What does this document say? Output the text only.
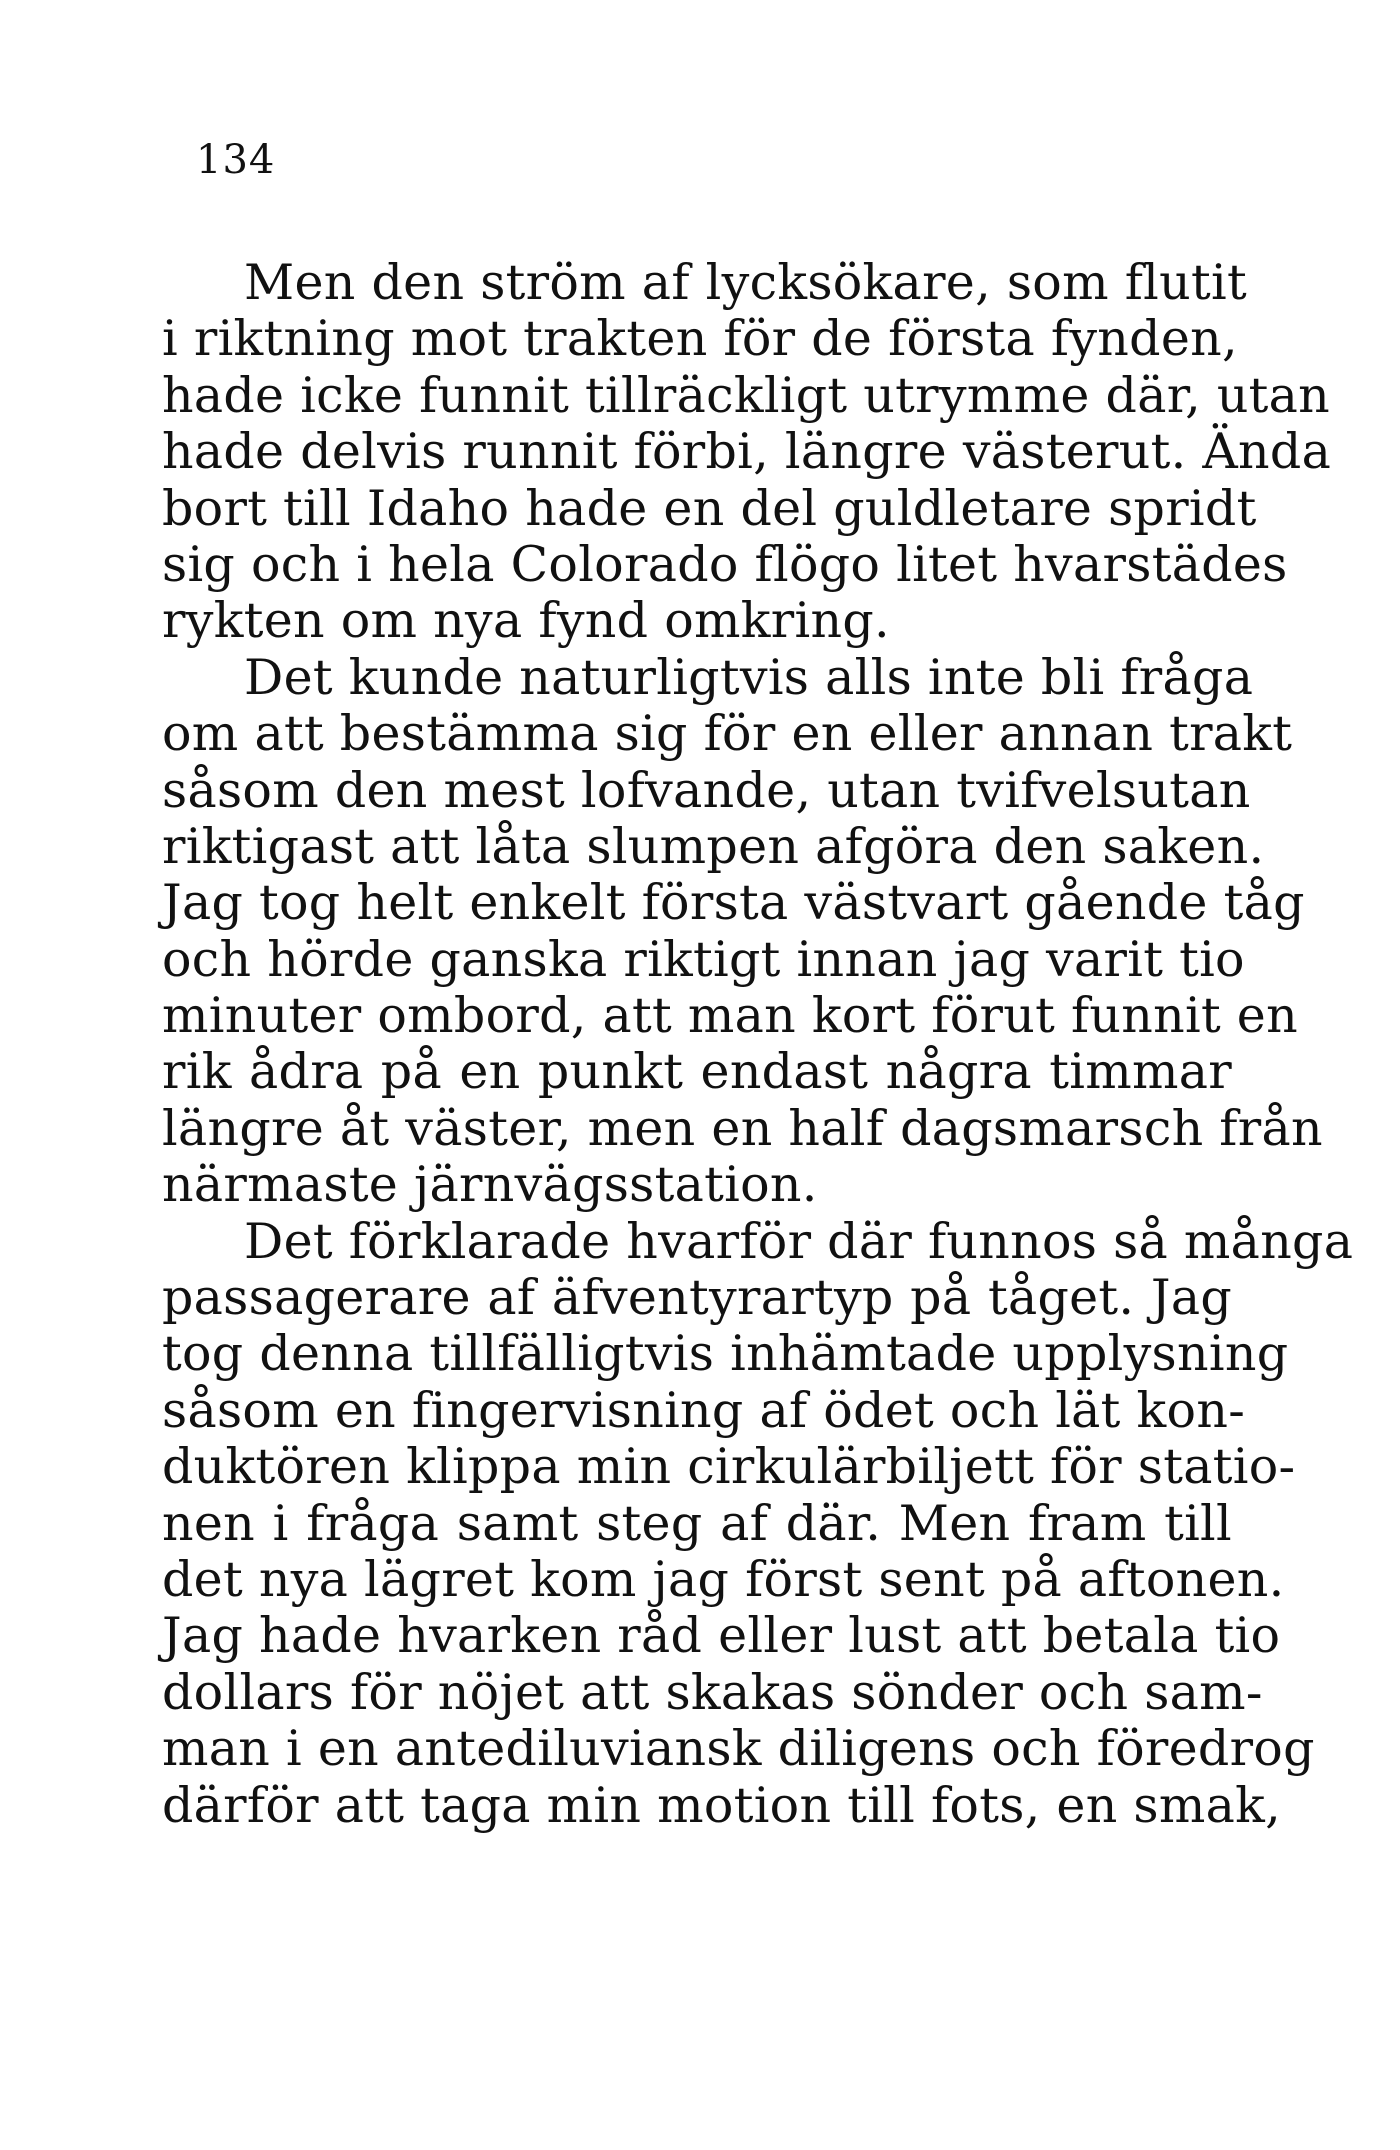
134
Men den ström af lycksökare, som flutit
i riktning mot trakten för de första fynden,
hade icke funnit tillräckligt utrymme där, utan
hade delvis runnit förbi, längre västerut. Ända
bort till Idaho hade en del guldletare spridt
sig och i hela Colorado flögo litet hvarstädes
rykten om nya fynd omkring.
Det kunde naturligtvis alls inte bli fråga
om att bestämma sig för en eller annan trakt
såsom den mest lofvande, utan tvifvelsutan
riktigast att låta slumpen afgöra den saken.
Jag tog helt enkelt första västvart gående tåg
och hörde ganska riktigt innan jag varit tio
minuter ombord, att man kort förut funnit en
rik ådra på en punkt endast några timmar
längre åt väster, men en half dagsmarsch från
närmaste järnvägsstation.
Det förklarade hvarför där funnos så många
passagerare af äfventyrartyp på tåget. Jag
tog denna tillfälligtvis inhämtade upplysning
såsom en fingervisning af ödet och lät kon-
duktören klippa min cirkulärbiljett för statio-
nen i fråga samt steg af där. Men fram till
det nya lägret kom jag först sent på aftonen.
Jag hade hvarken råd eller lust att betala tio
dollars för nöjet att skakas sönder och sam-
man i en antediluviansk diligens och föredrog
därför att taga min motion till fots, en smak,
